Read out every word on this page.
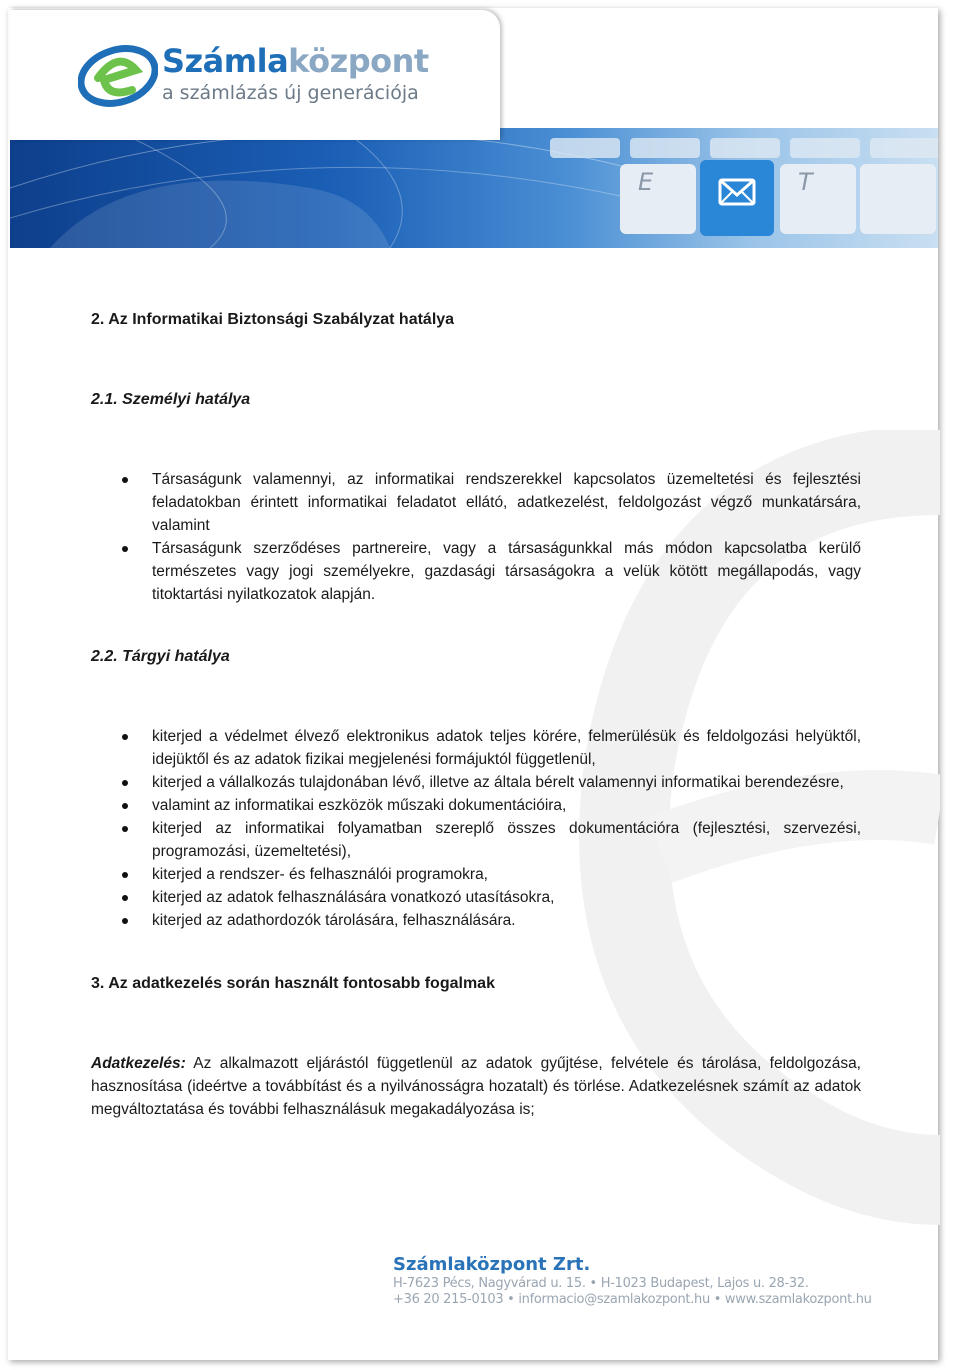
Számlaközpont
a számlázás új generációja
E	T
2. Az Informatikai Biztonsági Szabályzat hatálya
2.1. Személyi hatálya
Társaságunk valamennyi, az informatikai rendszerekkel kapcsolatos üzemeltetési és fejlesztési feladatokban érintett informatikai feladatot ellátó, adatkezelést, feldolgozást végző munkatársára, valamint
Társaságunk szerződéses partnereire, vagy a társaságunkkal más módon kapcsolatba kerülő természetes vagy jogi személyekre, gazdasági társaságokra a velük kötött megállapodás, vagy titoktartási nyilatkozatok alapján.
2.2. Tárgyi hatálya
kiterjed a védelmet élvező elektronikus adatok teljes körére, felmerülésük és feldolgozási helyüktől, idejüktől és az adatok fizikai megjelenési formájuktól függetlenül,
kiterjed a vállalkozás tulajdonában lévő, illetve az általa bérelt valamennyi informatikai berendezésre,
valamint az informatikai eszközök műszaki dokumentációira,
kiterjed az informatikai folyamatban szereplő összes dokumentációra (fejlesztési, szervezési, programozási, üzemeltetési),
kiterjed a rendszer- és felhasználói programokra,
kiterjed az adatok felhasználására vonatkozó utasításokra,
kiterjed az adathordozók tárolására, felhasználására.
3. Az adatkezelés során használt fontosabb fogalmak

Adatkezelés: Az alkalmazott eljárástól függetlenül az adatok gyűjtése, felvétele és tárolása, feldolgozása, hasznosítása (ideértve a továbbítást és a nyilvánosságra hozatalt) és törlése. Adatkezelésnek számít az adatok megváltoztatása és további felhasználásuk megakadályozása is;

Számlaközpont Zrt.
H-7623 Pécs, Nagyvárad u. 15. • H-1023 Budapest, Lajos u. 28-32.
+36 20 215-0103 • informacio@szamlakozpont.hu • www.szamlakozpont.hu
